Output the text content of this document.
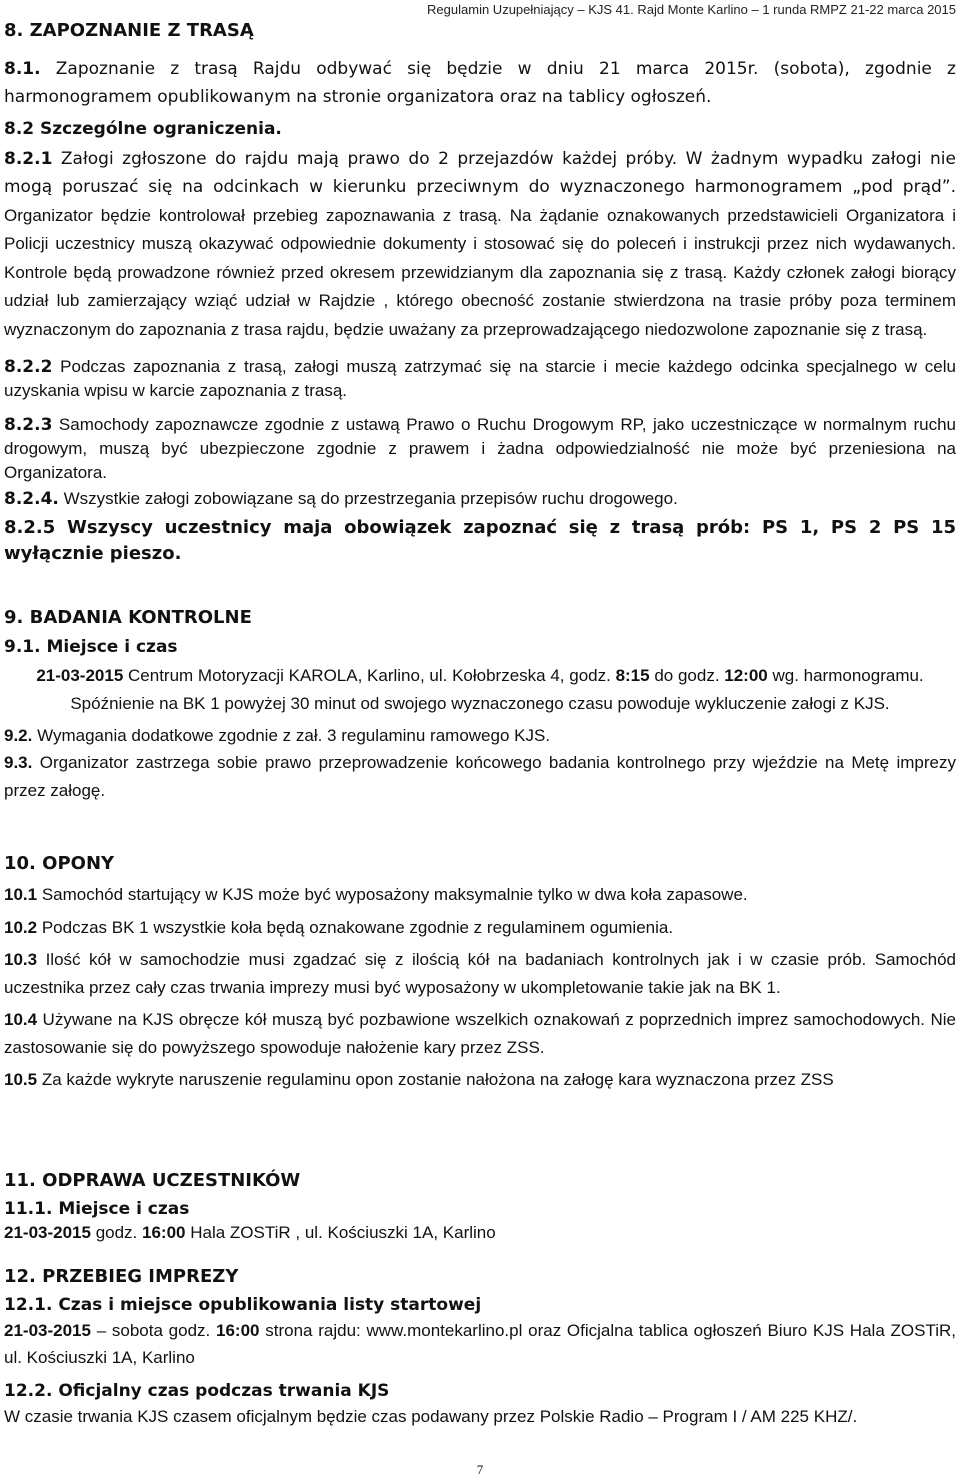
Regulamin Uzupełniający – KJS 41. Rajd Monte Karlino – 1 runda RMPZ 21-22 marca 2015
8. ZAPOZNANIE Z TRASĄ

8.1. Zapoznanie z trasą Rajdu odbywać się będzie w dniu 21 marca 2015r. (sobota), zgodnie z harmonogramem opublikowanym na stronie organizatora oraz na tablicy ogłoszeń.

8.2 Szczególne ograniczenia.

8.2.1 Załogi zgłoszone do rajdu mają prawo do 2 przejazdów każdej próby. W żadnym wypadku załogi nie mogą poruszać się na odcinkach w kierunku przeciwnym do wyznaczonego harmonogramem „pod prąd”. Organizator będzie kontrolował przebieg zapoznawania z trasą. Na żądanie oznakowanych przedstawicieli Organizatora i Policji uczestnicy muszą okazywać odpowiednie dokumenty i stosować się do poleceń i instrukcji przez nich wydawanych. Kontrole będą prowadzone również przed okresem przewidzianym dla zapoznania się z trasą. Każdy członek załogi biorący udział lub zamierzający wziąć udział w Rajdzie , którego obecność zostanie stwierdzona na trasie próby poza terminem wyznaczonym do zapoznania z trasa rajdu, będzie uważany za przeprowadzającego niedozwolone zapoznanie się z trasą.

8.2.2 Podczas zapoznania z trasą, załogi muszą zatrzymać się na starcie i mecie każdego odcinka specjalnego w celu uzyskania wpisu w karcie zapoznania z trasą.

8.2.3 Samochody zapoznawcze zgodnie z ustawą Prawo o Ruchu Drogowym RP, jako uczestniczące w normalnym ruchu drogowym, muszą być ubezpieczone zgodnie z prawem i żadna odpowiedzialność nie może być przeniesiona na Organizatora.

8.2.4. Wszystkie załogi zobowiązane są do przestrzegania przepisów ruchu drogowego.

8.2.5 Wszyscy uczestnicy maja obowiązek zapoznać się z trasą prób: PS 1, PS 2 PS 15 wyłącznie pieszo.

9. BADANIA KONTROLNE

9.1. Miejsce i czas

21-03-2015 Centrum Motoryzacji KAROLA, Karlino, ul. Kołobrzeska 4, godz. 8:15 do godz. 12:00 wg. harmonogramu. Spóźnienie na BK 1 powyżej 30 minut od swojego wyznaczonego czasu powoduje wykluczenie załogi z KJS.

9.2. Wymagania dodatkowe zgodnie z zał. 3 regulaminu ramowego KJS.

9.3. Organizator zastrzega sobie prawo przeprowadzenie końcowego badania kontrolnego przy wjeździe na Metę imprezy przez załogę.

10. OPONY

10.1 Samochód startujący w KJS może być wyposażony maksymalnie tylko w dwa koła zapasowe.

10.2 Podczas BK 1 wszystkie koła będą oznakowane zgodnie z regulaminem ogumienia.

10.3 Ilość kół w samochodzie musi zgadzać się z ilością kół na badaniach kontrolnych jak i w czasie prób. Samochód uczestnika przez cały czas trwania imprezy musi być wyposażony w ukompletowanie takie jak na BK 1.

10.4 Używane na KJS obręcze kół muszą być pozbawione wszelkich oznakowań z poprzednich imprez samochodowych. Nie zastosowanie się do powyższego spowoduje nałożenie kary przez ZSS.

10.5 Za każde wykryte naruszenie regulaminu opon zostanie nałożona na załogę kara wyznaczona przez ZSS

11. ODPRAWA UCZESTNIKÓW

11.1. Miejsce i czas

21-03-2015 godz. 16:00 Hala ZOSTiR , ul. Kościuszki 1A, Karlino

12. PRZEBIEG IMPREZY

12.1. Czas i miejsce opublikowania listy startowej

21-03-2015 – sobota godz. 16:00 strona rajdu: www.montekarlino.pl oraz Oficjalna tablica ogłoszeń Biuro KJS Hala ZOSTiR, ul. Kościuszki 1A, Karlino

12.2. Oficjalny czas podczas trwania KJS

W czasie trwania KJS czasem oficjalnym będzie czas podawany przez Polskie Radio – Program I / AM 225 KHZ/.

7
